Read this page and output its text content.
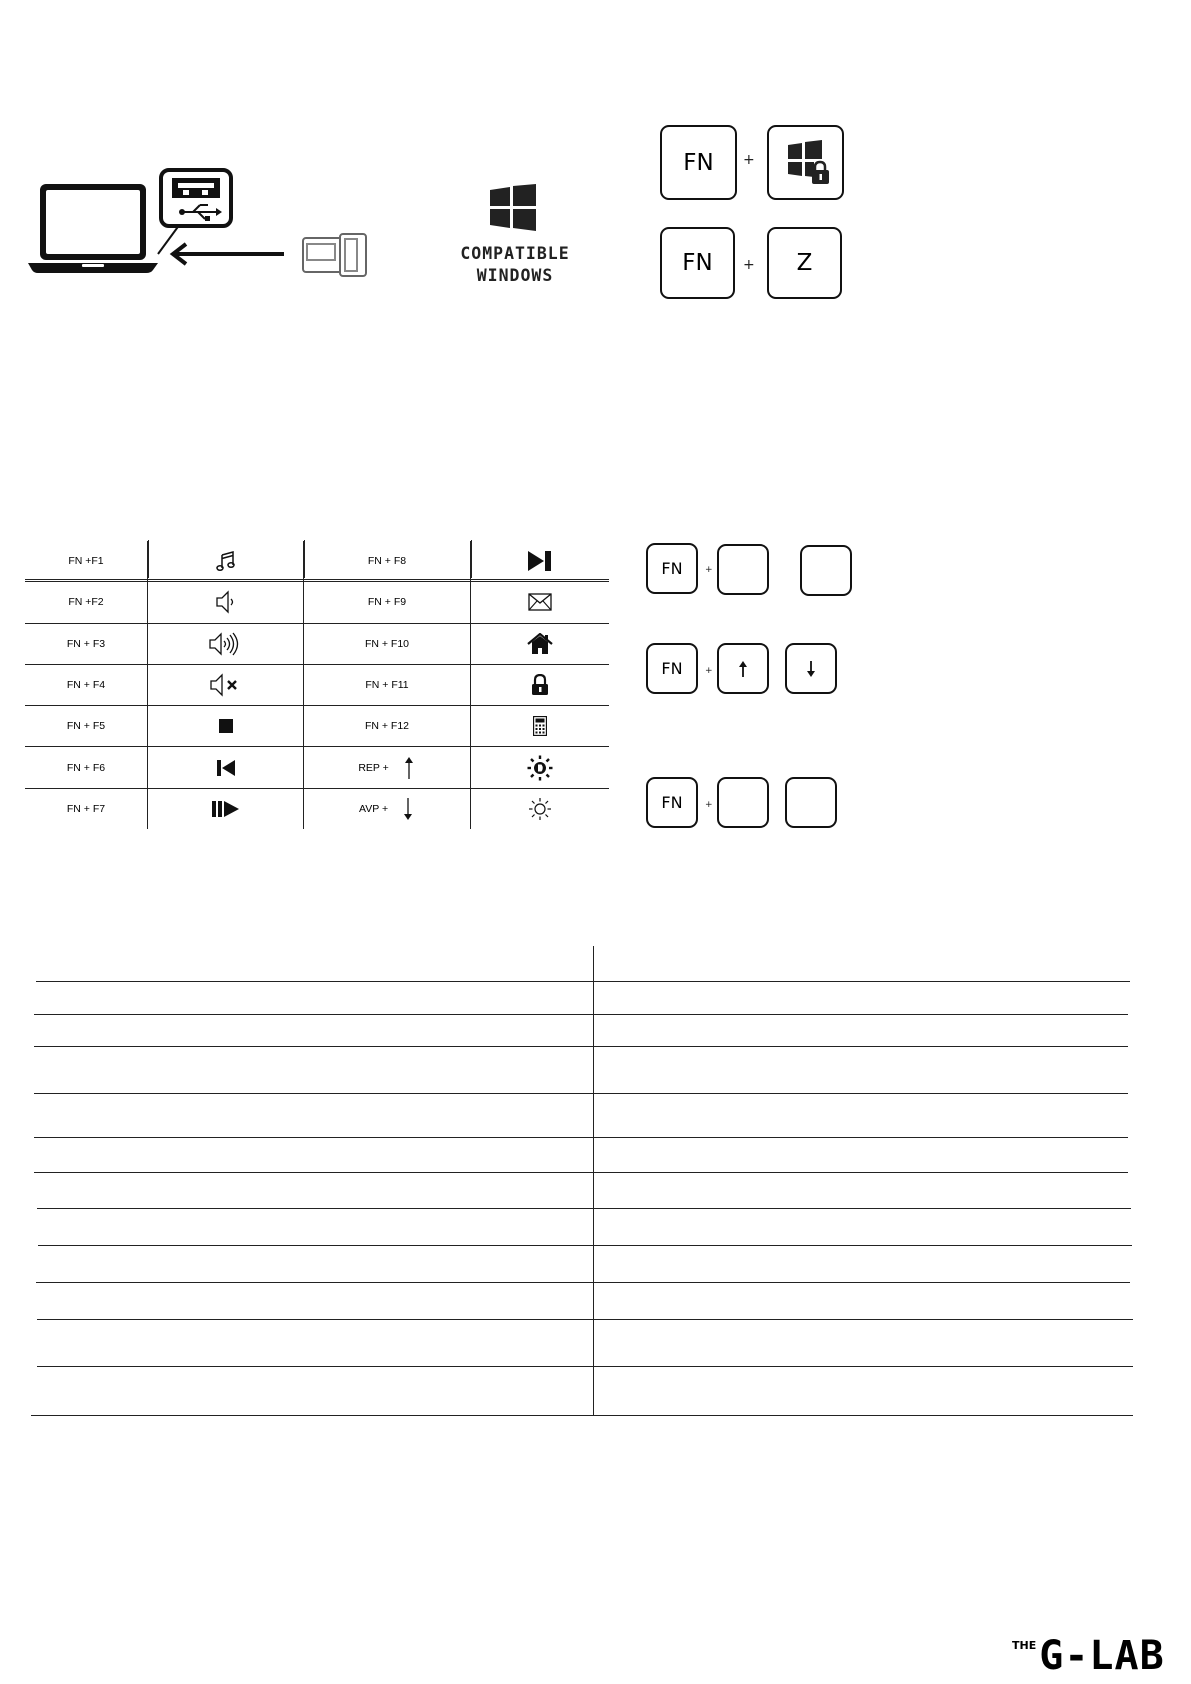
COMPATIBLE
WINDOWS
FN +
FN + Z
FN +F1		FN + F8	
FN +F2		FN + F9	
FN + F3		FN + F10	
FN + F4		FN + F11	
FN + F5		FN + F12	
FN + F6		REP +	
FN + F7		AVP +	
FN +
FN +
FN +
THE G-LAB
